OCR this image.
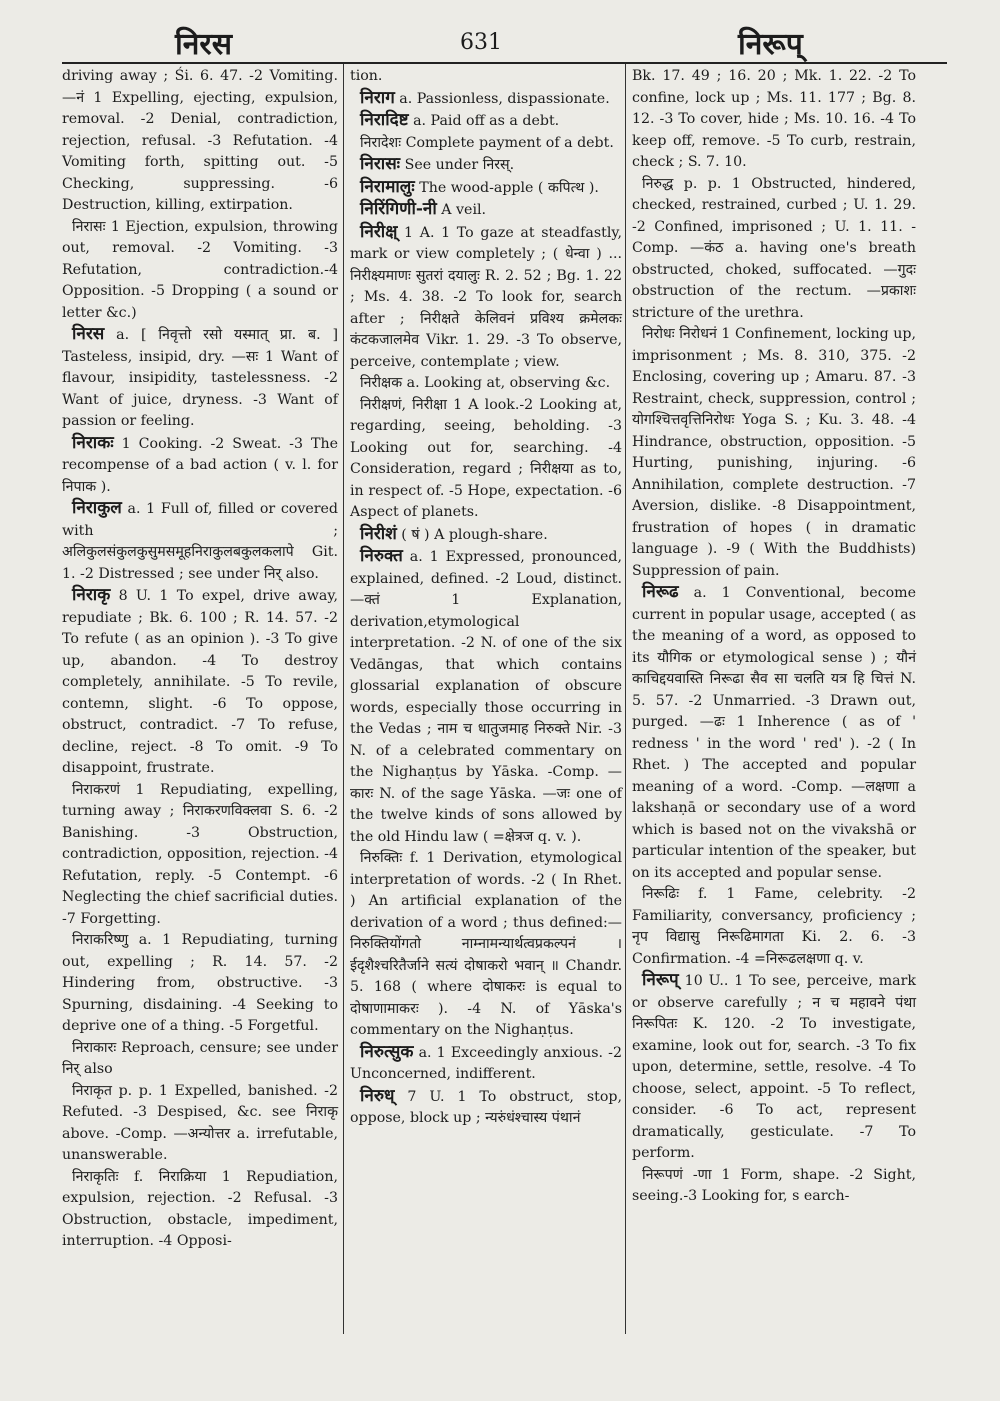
निरस	631	निरूप्

driving away ; Śi. 6. 47. -2 Vomiting. —नं 1 Expelling, ejecting, expulsion, removal. -2 Denial, contradiction, rejection, refusal. -3 Refutation. -4 Vomiting forth, spitting out. -5 Checking, suppressing. -6 Destruction, killing, extirpation.

निरासः 1 Ejection, expulsion, throwing out, removal. -2 Vomiting. -3 Refutation, contradiction.-4 Opposition. -5 Dropping ( a sound or letter &c.)

निरस a. [ निवृत्तो रसो यस्मात् प्रा. ब. ] Tasteless, insipid, dry. —सः 1 Want of flavour, insipidity, tastelessness. -2 Want of juice, dryness. -3 Want of passion or feeling.

निराकः 1 Cooking. -2 Sweat. -3 The recompense of a bad action ( v. l. for निपाक ).

निराकुल a. 1 Full of, filled or covered with ; अलिकुलसंकुलकुसुमसमूहनिराकुलबकुलकलापे Git. 1. -2 Distressed ; see under निर् also.

निराकृ 8 U. 1 To expel, drive away, repudiate ; Bk. 6. 100 ; R. 14. 57. -2 To refute ( as an opinion ). -3 To give up, abandon. -4 To destroy completely, annihilate. -5 To revile, contemn, slight. -6 To oppose, obstruct, contradict. -7 To refuse, decline, reject. -8 To omit. -9 To disappoint, frustrate.

निराकरणं 1 Repudiating, expelling, turning away ; निराकरणविक्लवा S. 6. -2 Banishing. -3 Obstruction, contradiction, opposition, rejection. -4 Refutation, reply. -5 Contempt. -6 Neglecting the chief sacrificial duties. -7 Forgetting.

निराकरिष्णु a. 1 Repudiating, turning out, expelling ; R. 14. 57. -2 Hindering from, obstructive. -3 Spurning, disdaining. -4 Seeking to deprive one of a thing. -5 Forgetful.

निराकारः Reproach, censure; see under निर् also

निराकृत p. p. 1 Expelled, banished. -2 Refuted. -3 Despised, &c. see निराकृ above. -Comp. —अन्योत्तर a. irrefutable, unanswerable.

निराकृतिः f. निराक्रिया 1 Repudiation, expulsion, rejection. -2 Refusal. -3 Obstruction, obstacle, impediment, interruption. -4 Opposi-

tion.

निराग a. Passionless, dispassionate.

निरादिष्ट a. Paid off as a debt.

निरादेशः Complete payment of a debt.

निरासः See under निरस्.

निरामालुः The wood-apple ( कपित्थ ).

निरिंगिणी-नी A veil.

निरीक्ष् 1 A. 1 To gaze at steadfastly, mark or view completely ; ( धेन्वा ) ... निरीक्ष्यमाणः सुतरां दयालुः R. 2. 52 ; Bg. 1. 22 ; Ms. 4. 38. -2 To look for, search after ; निरीक्षते केलिवनं प्रविश्य क्रमेलकः कंटकजालमेव Vikr. 1. 29. -3 To observe, perceive, contemplate ; view.

निरीक्षक a. Looking at, observing &c.

निरीक्षणं, निरीक्षा 1 A look.-2 Looking at, regarding, seeing, beholding. -3 Looking out for, searching. -4 Consideration, regard ; निरीक्षया as to, in respect of. -5 Hope, expectation. -6 Aspect of planets.

निरीशं ( षं ) A plough-share.

निरुक्त a. 1 Expressed, pronounced, explained, defined. -2 Loud, distinct. —क्तं 1 Explanation, derivation,etymological interpretation. -2 N. of one of the six Vedāngas, that which contains glossarial explanation of obscure words, especially those occurring in the Vedas ; नाम च धातुजमाह निरुक्ते Nir. -3 N. of a celebrated commentary on the Nighaṇṭus by Yāska. -Comp. —कारः N. of the sage Yāska. —जः one of the twelve kinds of sons allowed by the old Hindu law ( =क्षेत्रज q. v. ).

निरुक्तिः f. 1 Derivation, etymological interpretation of words. -2 ( In Rhet. ) An artificial explanation of the derivation of a word ; thus defined:—निरुक्तियोंगतो नाम्नामन्यार्थत्वप्रकल्पनं । ईदृशैश्चरितैर्जाने सत्यं दोषाकरो भवान् ॥ Chandr. 5. 168 ( where दोषाकरः is equal to दोषाणामाकरः ). -4 N. of Yāska's commentary on the Nighaṇṭus.

निरुत्सुक a. 1 Exceedingly anxious. -2 Unconcerned, indifferent.

निरुध् 7 U. 1 To obstruct, stop, oppose, block up ; न्यरुंधंश्चास्य पंथानं

Bk. 17. 49 ; 16. 20 ; Mk. 1. 22. -2 To confine, lock up ; Ms. 11. 177 ; Bg. 8. 12. -3 To cover, hide ; Ms. 10. 16. -4 To keep off, remove. -5 To curb, restrain, check ; S. 7. 10.

निरुद्ध p. p. 1 Obstructed, hindered, checked, restrained, curbed ; U. 1. 29. -2 Confined, imprisoned ; U. 1. 11. -Comp. —कंठ a. having one's breath obstructed, choked, suffocated. —गुदः obstruction of the rectum. —प्रकाशः stricture of the urethra.

निरोधः निरोधनं 1 Confinement, locking up, imprisonment ; Ms. 8. 310, 375. -2 Enclosing, covering up ; Amaru. 87. -3 Restraint, check, suppression, control ; योगश्चित्तवृत्तिनिरोधः Yoga S. ; Ku. 3. 48. -4 Hindrance, obstruction, opposition. -5 Hurting, punishing, injuring. -6 Annihilation, complete destruction. -7 Aversion, dislike. -8 Disappointment, frustration of hopes ( in dramatic language ). -9 ( With the Buddhists) Suppression of pain.

निरूढ a. 1 Conventional, become current in popular usage, accepted ( as the meaning of a word, as opposed to its यौगिक or etymological sense ) ; यौनं काचिद्दयवास्ति निरूढा सैव सा चलति यत्र हि चित्तं N. 5. 57. -2 Unmarried. -3 Drawn out, purged. —ढः 1 Inherence ( as of ' redness ' in the word ' red' ). -2 ( In Rhet. ) The accepted and popular meaning of a word. -Comp. —लक्षणा a lakshaṇā or secondary use of a word which is based not on the vivakshā or particular intention of the speaker, but on its accepted and popular sense.

निरूढिः f. 1 Fame, celebrity. -2 Familiarity, conversancy, proficiency ; नृप विद्यासु निरूढिमागता Ki. 2. 6. -3 Confirmation. -4 =निरूढलक्षणा q. v.

निरूप् 10 U.. 1 To see, perceive, mark or observe carefully ; न च महावने पंथा निरूपितः K. 120. -2 To investigate, examine, look out for, search. -3 To fix upon, determine, settle, resolve. -4 To choose, select, appoint. -5 To reflect, consider. -6 To act, represent dramatically, gesticulate. -7 To perform.

निरूपणं -णा 1 Form, shape. -2 Sight, seeing.-3 Looking for, s earch-
